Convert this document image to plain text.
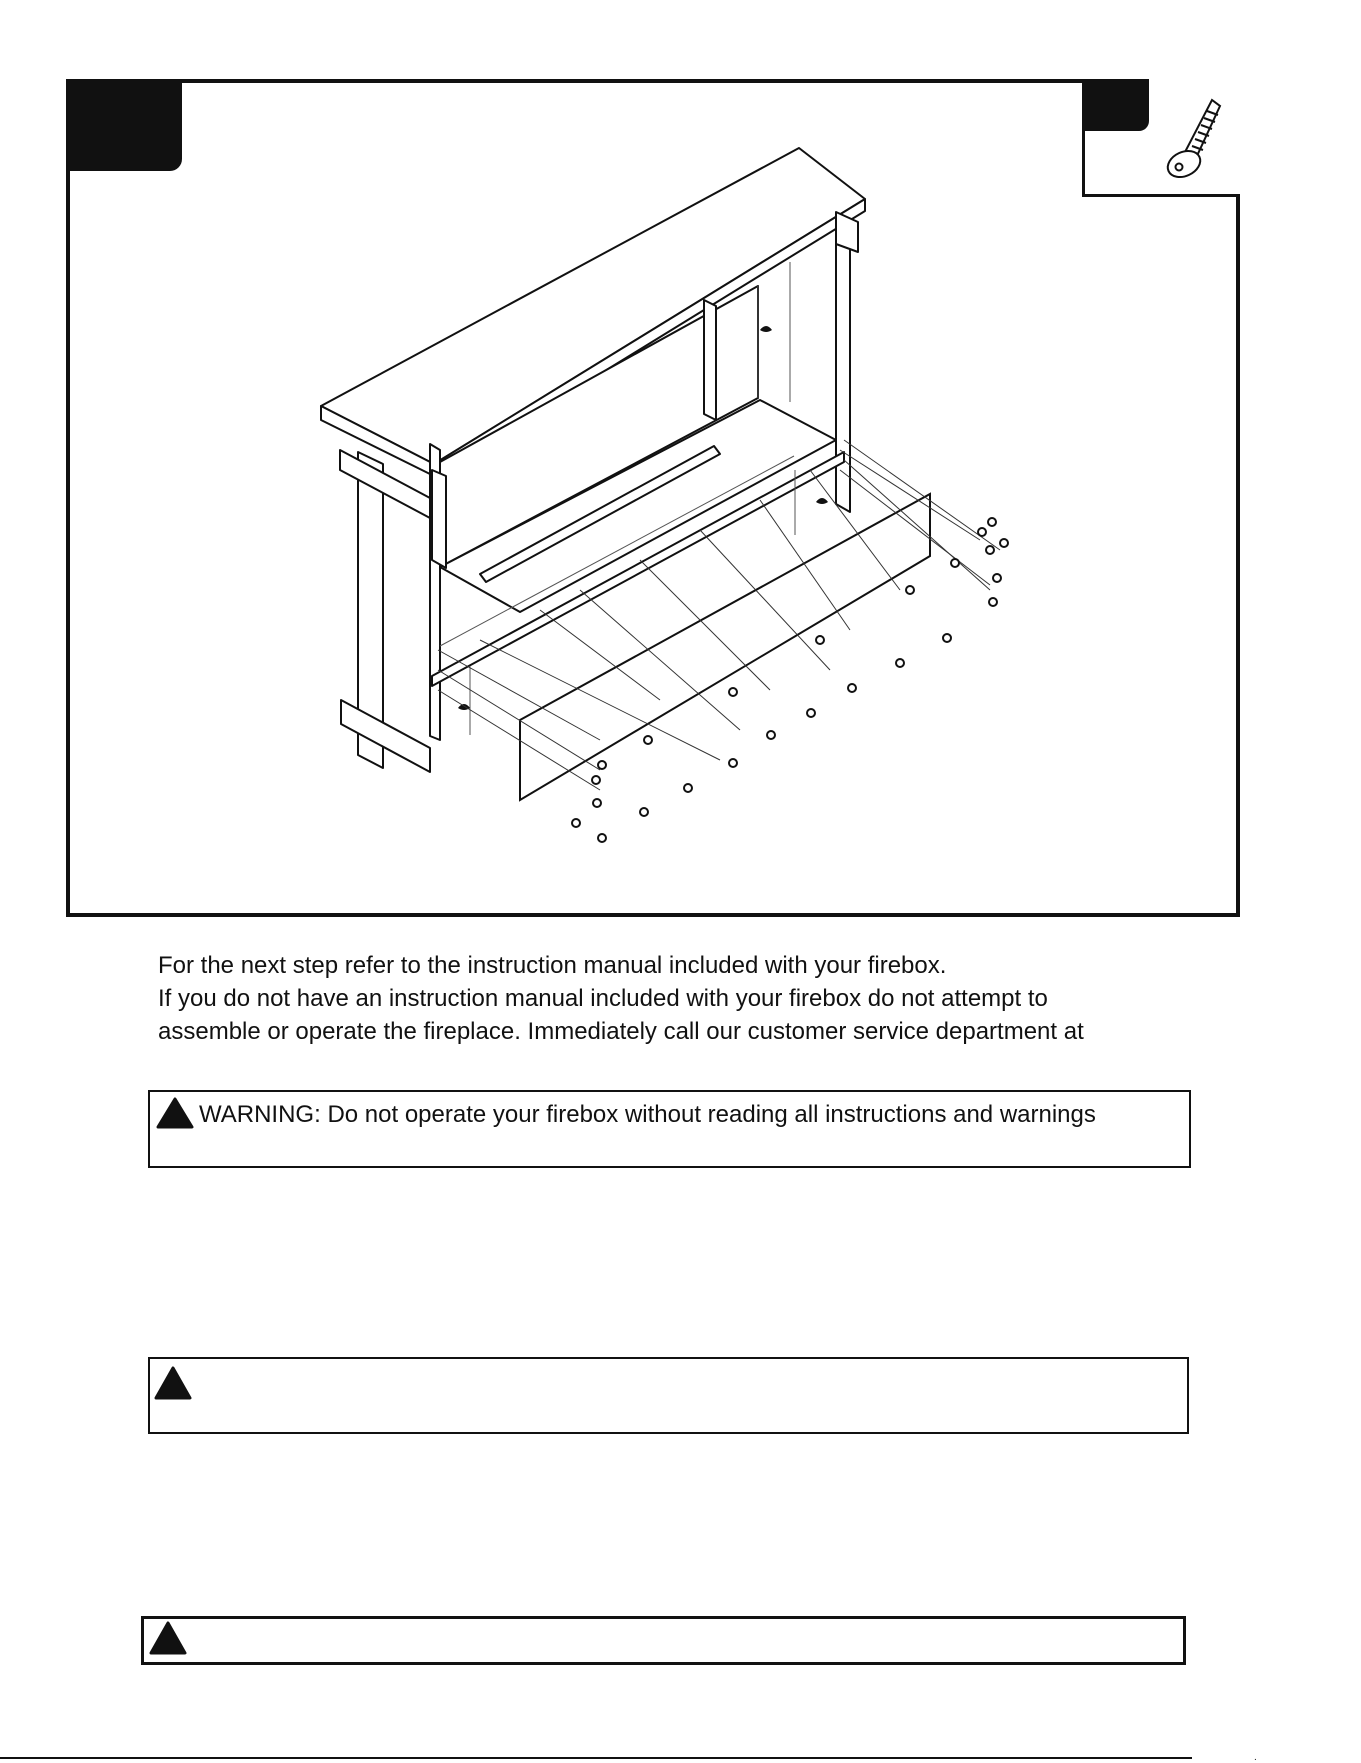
For the next step refer to the instruction manual included with your firebox.

If you do not have an instruction manual included with your firebox do not attempt to

assemble or operate the fireplace. Immediately call our customer service department at

WARNING: Do not operate your firebox without reading all instructions and warnings
.
